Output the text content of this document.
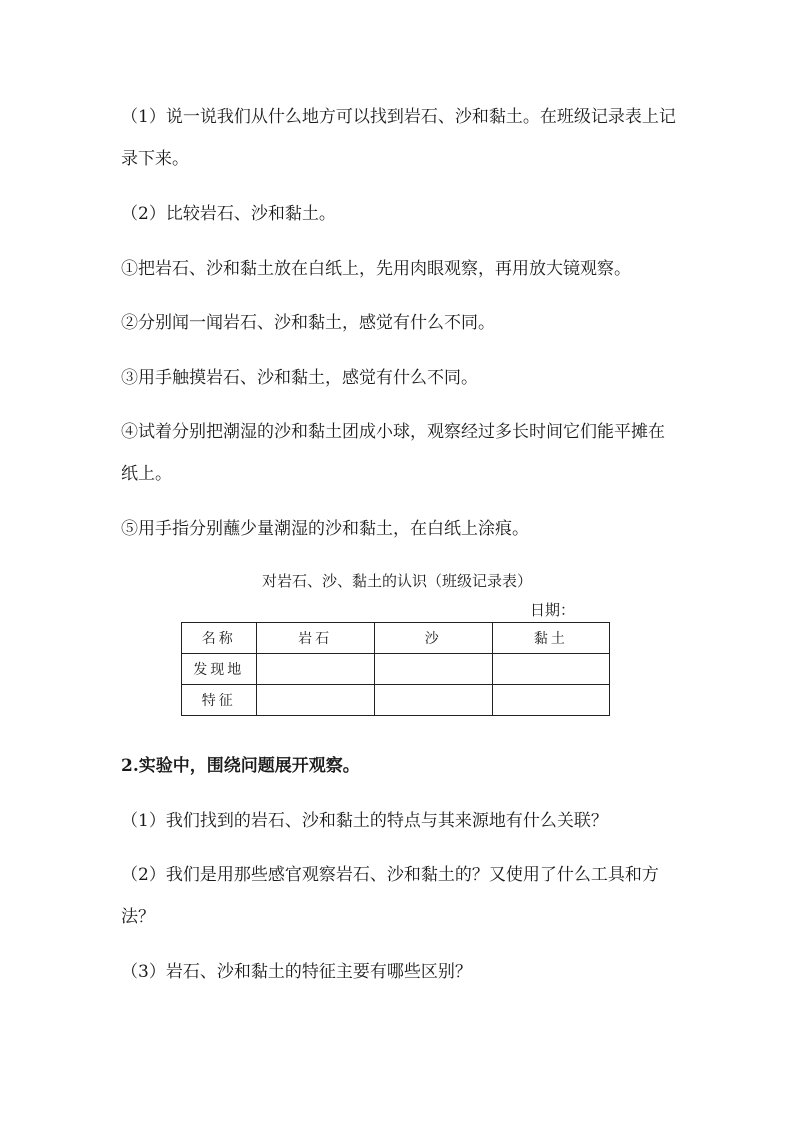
（1）说一说我们从什么地方可以找到岩石、沙和黏土。在班级记录表上记录下来。

（2）比较岩石、沙和黏土。

①把岩石、沙和黏土放在白纸上，先用肉眼观察，再用放大镜观察。

②分别闻一闻岩石、沙和黏土，感觉有什么不同。

③用手触摸岩石、沙和黏土，感觉有什么不同。

④试着分别把潮湿的沙和黏土团成小球，观察经过多长时间它们能平摊在纸上。

⑤用手指分别蘸少量潮湿的沙和黏土，在白纸上涂痕。

对岩石、沙、黏土的认识（班级记录表）
日期：
名称	岩石	沙	黏土
发现地			
特征			

2.实验中，围绕问题展开观察。

（1）我们找到的岩石、沙和黏土的特点与其来源地有什么关联？

（2）我们是用那些感官观察岩石、沙和黏土的？又使用了什么工具和方法？

（3）岩石、沙和黏土的特征主要有哪些区别？
